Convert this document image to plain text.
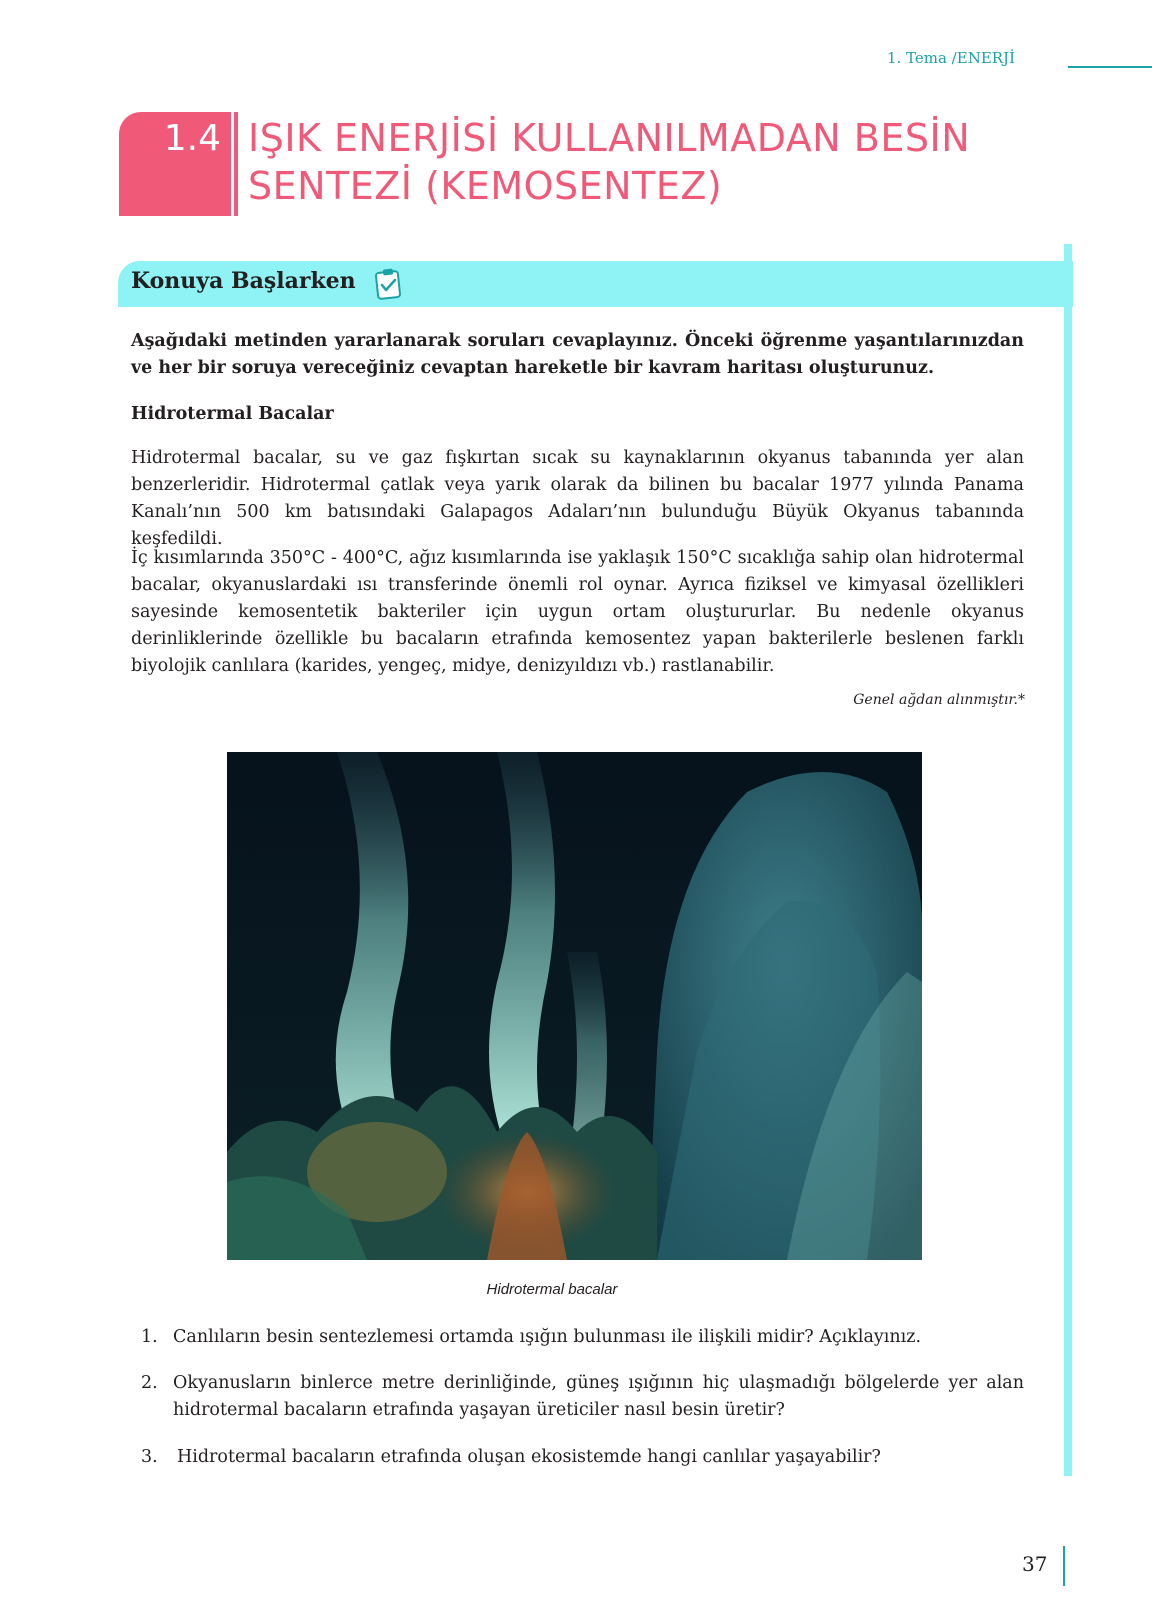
1. Tema /ENERJİ
1.4 IŞIK ENERJİSİ KULLANILMADAN BESİN
SENTEZİ (KEMOSENTEZ)
Konuya Başlarken
Aşağıdaki metinden yararlanarak soruları cevaplayınız. Önceki öğrenme yaşantılarınızdan ve her bir soruya vereceğiniz cevaptan hareketle bir kavram haritası oluşturunuz.
Hidrotermal Bacalar
Hidrotermal bacalar, su ve gaz fışkırtan sıcak su kaynaklarının okyanus tabanında yer alan benzerleridir. Hidrotermal çatlak veya yarık olarak da bilinen bu bacalar 1977 yılında Panama Kanalı’nın 500 km batısındaki Galapagos Adaları’nın bulunduğu Büyük Okyanus tabanında keşfedildi.
İç kısımlarında 350°C - 400°C, ağız kısımlarında ise yaklaşık 150°C sıcaklığa sahip olan hidrotermal bacalar, okyanuslardaki ısı transferinde önemli rol oynar. Ayrıca fiziksel ve kimyasal özellikleri sayesinde kemosentetik bakteriler için uygun ortam oluştururlar. Bu nedenle okyanus derinliklerinde özellikle bu bacaların etrafında kemosentez yapan bakterilerle beslenen farklı biyolojik canlılara (karides, yengeç, midye, denizyıldızı vb.) rastlanabilir.
Genel ağdan alınmıştır.*
Hidrotermal bacalar
1. Canlıların besin sentezlemesi ortamda ışığın bulunması ile ilişkili midir? Açıklayınız.
2. Okyanusların binlerce metre derinliğinde, güneş ışığının hiç ulaşmadığı bölgelerde yer alan hidrotermal bacaların etrafında yaşayan üreticiler nasıl besin üretir?
3. Hidrotermal bacaların etrafında oluşan ekosistemde hangi canlılar yaşayabilir?
37
